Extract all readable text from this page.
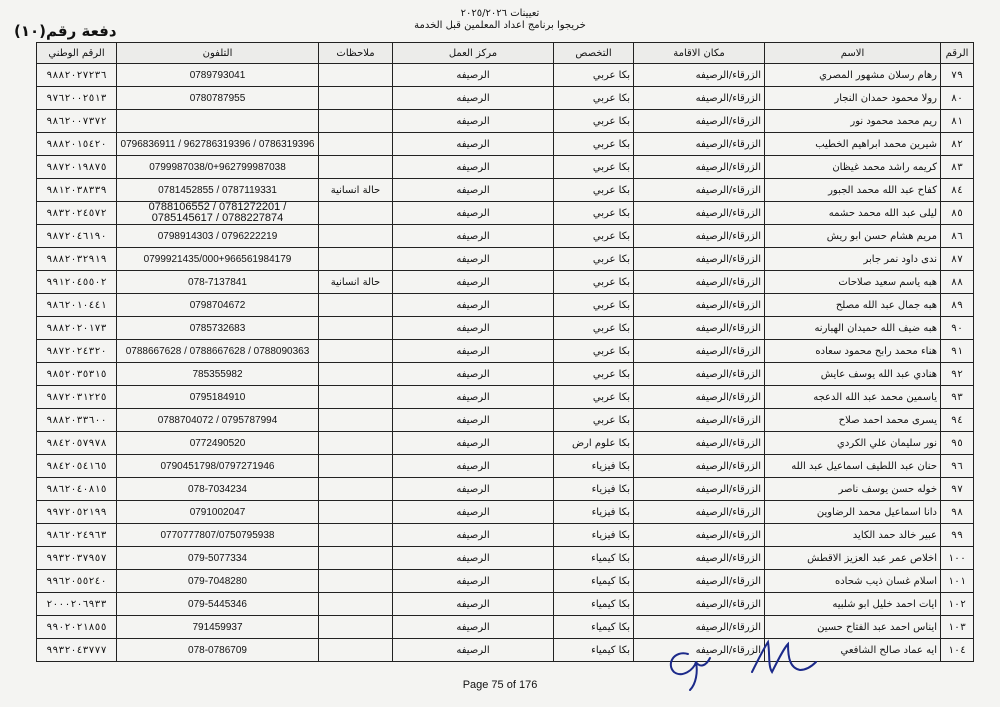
تعيينات ٢٠٢٥/٢٠٢٦
خريجوا برنامج اعداد المعلمين قبل الخدمة
دفعة رقم(١٠)
الرقم	الاسم	مكان الاقامة	التخصص	مركز العمل	ملاحظات	التلفون	الرقم الوطني
٧٩	رهام رسلان مشهور المصري	الزرقاء/الرصيفه	بكا عربي	الرصيفه		0789793041	٩٨٨٢٠٢٧٢٣٦
٨٠	رولا محمود حمدان النجار	الزرقاء/الرصيفه	بكا عربي	الرصيفه		0780787955	٩٧٦٢٠٠٢٥١٣
٨١	ريم محمد محمود نور	الزرقاء/الرصيفه	بكا عربي	الرصيفه			٩٨٦٢٠٠٧٣٧٢
٨٢	شيرين محمد ابراهيم الخطيب	الزرقاء/الرصيفه	بكا عربي	الرصيفه		0796836911 / 962786319396 / 0786319396	٩٨٨٢٠١٥٤٢٠
٨٣	كريمه راشد محمد غيظان	الزرقاء/الرصيفه	بكا عربي	الرصيفه		0799987038/0+962799987038	٩٨٧٢٠١٩٨٧٥
٨٤	كفاح عبد الله محمد الجبور	الزرقاء/الرصيفه	بكا عربي	الرصيفه	حالة انسانية	0781452855 / 0787119331	٩٨١٢٠٣٨٣٣٩
٨٥	ليلى عبد الله محمد حشمه	الزرقاء/الرصيفه	بكا عربي	الرصيفه		0788106552 / 0781272201 / 0785145617 / 0788227874	٩٨٣٢٠٢٤٥٧٢
٨٦	مريم هشام حسن ابو ريش	الزرقاء/الرصيفه	بكا عربي	الرصيفه		0798914303 / 0796222219	٩٨٧٢٠٤٦١٩٠
٨٧	ندى داود نمر جابر	الزرقاء/الرصيفه	بكا عربي	الرصيفه		0799921435/000+966561984179	٩٨٨٢٠٣٢٩١٩
٨٨	هبه ياسم سعيد صلاحات	الزرقاء/الرصيفه	بكا عربي	الرصيفه	حالة انسانية	078-7137841	٩٩١٢٠٤٥٥٠٢
٨٩	هبه جمال عبد الله مصلح	الزرقاء/الرصيفه	بكا عربي	الرصيفه		0798704672	٩٨٦٢٠١٠٤٤١
٩٠	هبه ضيف الله حميدان الهبارنه	الزرقاء/الرصيفه	بكا عربي	الرصيفه		0785732683	٩٨٨٢٠٢٠١٧٣
٩١	هناء محمد رابح محمود سعاده	الزرقاء/الرصيفه	بكا عربي	الرصيفه		0788667628 / 0788667628 / 0788090363	٩٨٧٢٠٢٤٣٢٠
٩٢	هنادي عبد الله يوسف عايش	الزرقاء/الرصيفه	بكا عربي	الرصيفه		785355982	٩٨٥٢٠٣٥٣١٥
٩٣	ياسمين محمد عبد الله الدعجه	الزرقاء/الرصيفه	بكا عربي	الرصيفه		0795184910	٩٨٧٢٠٣١٢٢٥
٩٤	يسرى محمد احمد صلاح	الزرقاء/الرصيفه	بكا عربي	الرصيفه		0788704072 / 0795787994	٩٨٨٢٠٣٣٦٠٠
٩٥	نور سليمان علي الكردي	الزرقاء/الرصيفه	بكا علوم ارض	الرصيفه		0772490520	٩٨٤٢٠٥٧٩٧٨
٩٦	حنان عبد اللطيف اسماعيل عبد الله	الزرقاء/الرصيفه	بكا فيزياء	الرصيفه		0790451798/0797271946	٩٨٤٢٠٥٤١٦٥
٩٧	خوله حسن يوسف ناصر	الزرقاء/الرصيفه	بكا فيزياء	الرصيفه		078-7034234	٩٨٦٢٠٤٠٨١٥
٩٨	دانا اسماعيل محمد الرضاوين	الزرقاء/الرصيفه	بكا فيزياء	الرصيفه		0791002047	٩٩٧٢٠٥٢١٩٩
٩٩	عبير خالد حمد الكايد	الزرقاء/الرصيفه	بكا فيزياء	الرصيفه		0770777807/0750795938	٩٨٦٢٠٢٤٩٦٣
١٠٠	اخلاص عمر عبد العزيز الاقطش	الزرقاء/الرصيفه	بكا كيمياء	الرصيفه		079-5077334	٩٩٣٢٠٣٧٩٥٧
١٠١	اسلام غسان ذيب شحاده	الزرقاء/الرصيفه	بكا كيمياء	الرصيفه		079-7048280	٩٩٦٢٠٥٥٢٤٠
١٠٢	ايات احمد خليل ابو شلبيه	الزرقاء/الرصيفه	بكا كيمياء	الرصيفه		079-5445346	٢٠٠٠٢٠٦٩٣٣
١٠٣	ايناس احمد عبد الفتاح حسين	الزرقاء/الرصيفه	بكا كيمياء	الرصيفه		791459937	٩٩٠٢٠٢١٨٥٥
١٠٤	ايه عماد صالح الشافعي	الزرقاء/الرصيفه	بكا كيمياء	الرصيفه		078-0786709	٩٩٣٢٠٤٣٧٧٧
Page 75 of 176
